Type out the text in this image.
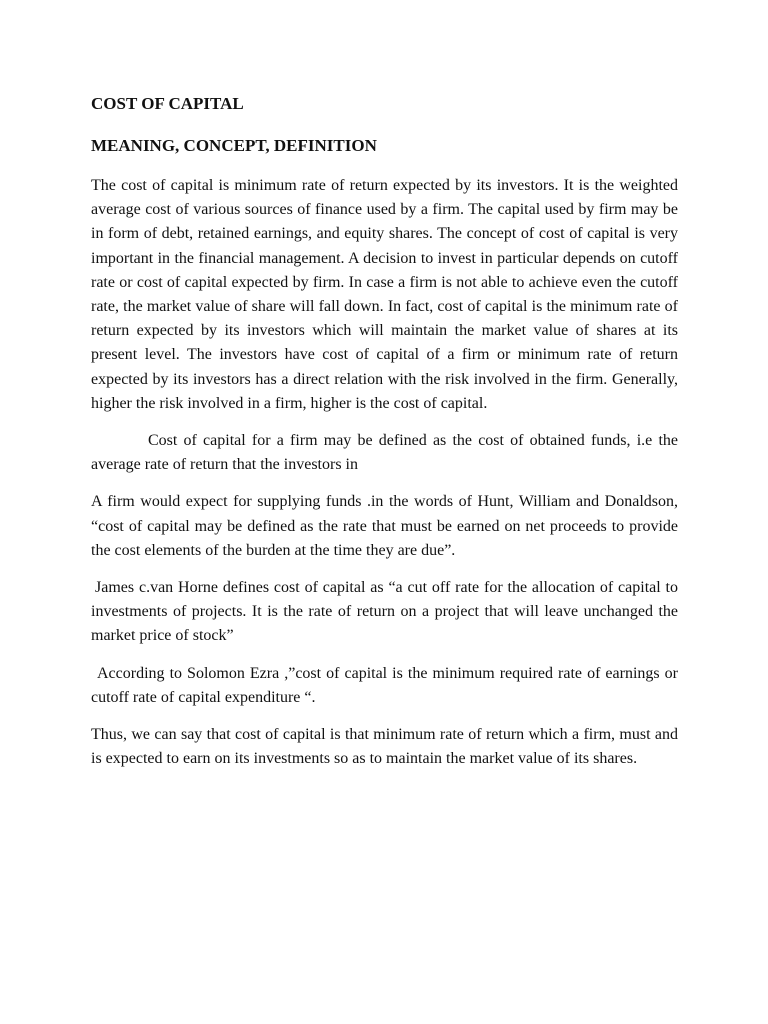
COST OF CAPITAL
MEANING, CONCEPT, DEFINITION

The cost of capital is minimum rate of return expected by its investors. It is the weighted average cost of various sources of finance used by a firm. The capital used by firm may be in form of debt, retained earnings, and equity shares. The concept of cost of capital is very important in the financial management. A decision to invest in particular depends on cutoff rate or cost of capital expected by firm. In case a firm is not able to achieve even the cutoff rate, the market value of share will fall down. In fact, cost of capital is the minimum rate of return expected by its investors which will maintain the market value of shares at its present level. The investors have cost of capital of a firm or minimum rate of return expected by its investors has a direct relation with the risk involved in the firm. Generally, higher the risk involved in a firm, higher is the cost of capital.

Cost of capital for a firm may be defined as the cost of obtained funds, i.e the average rate of return that the investors in

A firm would expect for supplying funds .in the words of Hunt, William and Donaldson, “cost of capital may be defined as the rate that must be earned on net proceeds to provide the cost elements of the burden at the time they are due”.

James c.van Horne defines cost of capital as “a cut off rate for the allocation of capital to investments of projects. It is the rate of return on a project that will leave unchanged the market price of stock”

According to Solomon Ezra ,”cost of capital is the minimum required rate of earnings or cutoff rate of capital expenditure “.

Thus, we can say that cost of capital is that minimum rate of return which a firm, must and is expected to earn on its investments so as to maintain the market value of its shares.
